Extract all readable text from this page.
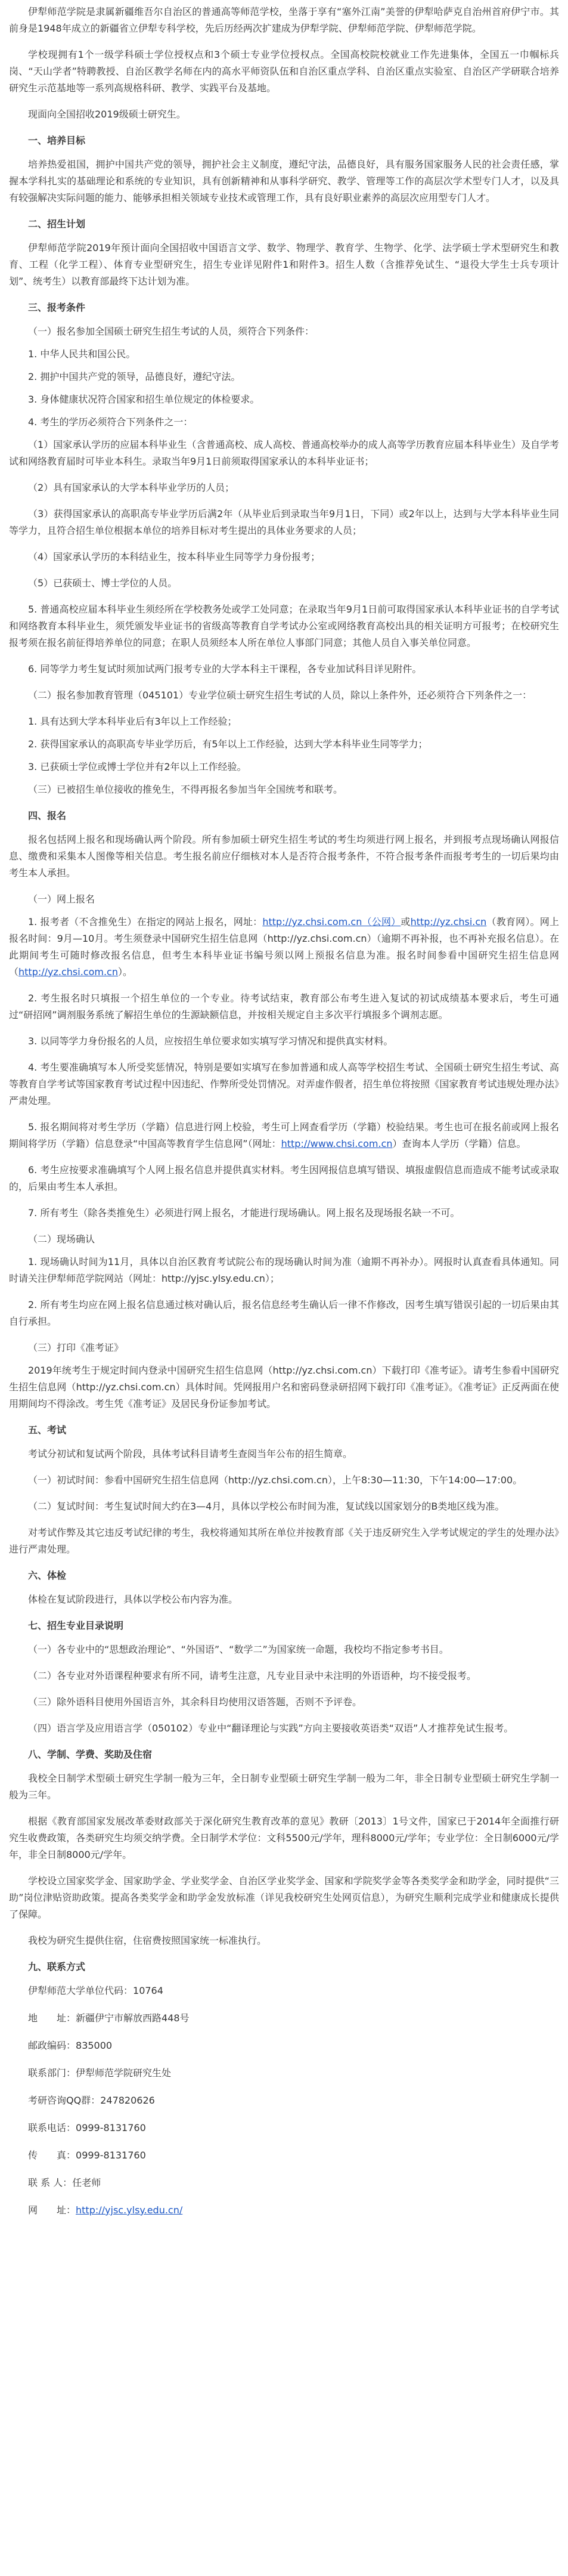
伊犁师范学院是隶属新疆维吾尔自治区的普通高等师范学校，坐落于享有“塞外江南”美誉的伊犁哈萨克自治州首府伊宁市。其前身是1948年成立的新疆省立伊犁专科学校，先后历经两次扩建成为伊犁学院、伊犁师范学院、伊犁师范学院。

学校现拥有1个一级学科硕士学位授权点和3个硕士专业学位授权点。全国高校院校就业工作先进集体，全国五一巾帼标兵岗、“天山学者”特聘教授、自治区教学名师在内的高水平师资队伍和自治区重点学科、自治区重点实验室、自治区产学研联合培养研究生示范基地等一系列高规格科研、教学、实践平台及基地。

现面向全国招收2019级硕士研究生。

一、培养目标

培养热爱祖国，拥护中国共产党的领导，拥护社会主义制度，遵纪守法，品德良好，具有服务国家服务人民的社会责任感，掌握本学科扎实的基础理论和系统的专业知识，具有创新精神和从事科学研究、教学、管理等工作的高层次学术型专门人才，以及具有较强解决实际问题的能力、能够承担相关领域专业技术或管理工作，具有良好职业素养的高层次应用型专门人才。

二、招生计划

伊犁师范学院2019年预计面向全国招收中国语言文学、数学、物理学、教育学、生物学、化学、法学硕士学术型研究生和教育、工程（化学工程）、体育专业型研究生，招生专业详见附件1和附件3。招生人数（含推荐免试生、“退役大学生士兵专项计划”、统考生）以教育部最终下达计划为准。

三、报考条件

（一）报名参加全国硕士研究生招生考试的人员，须符合下列条件：

1. 中华人民共和国公民。

2. 拥护中国共产党的领导，品德良好，遵纪守法。

3. 身体健康状况符合国家和招生单位规定的体检要求。

4. 考生的学历必须符合下列条件之一：

（1）国家承认学历的应届本科毕业生（含普通高校、成人高校、普通高校举办的成人高等学历教育应届本科毕业生）及自学考试和网络教育届时可毕业本科生。录取当年9月1日前须取得国家承认的本科毕业证书；

（2）具有国家承认的大学本科毕业学历的人员；

（3）获得国家承认的高职高专毕业学历后满2年（从毕业后到录取当年9月1日，下同）或2年以上，达到与大学本科毕业生同等学力，且符合招生单位根据本单位的培养目标对考生提出的具体业务要求的人员；

（4）国家承认学历的本科结业生，按本科毕业生同等学力身份报考；

（5）已获硕士、博士学位的人员。

5. 普通高校应届本科毕业生须经所在学校教务处或学工处同意；在录取当年9月1日前可取得国家承认本科毕业证书的自学考试和网络教育本科毕业生，须凭颁发毕业证书的省级高等教育自学考试办公室或网络教育高校出具的相关证明方可报考；在校研究生报考须在报名前征得培养单位的同意；在职人员须经本人所在单位人事部门同意；其他人员自入事关单位同意。

6. 同等学力考生复试时须加试两门报考专业的大学本科主干课程，各专业加试科目详见附件。

（二）报名参加教育管理（045101）专业学位硕士研究生招生考试的人员，除以上条件外，还必须符合下列条件之一：

1. 具有达到大学本科毕业后有3年以上工作经验；

2. 获得国家承认的高职高专毕业学历后，有5年以上工作经验，达到大学本科毕业生同等学力；

3. 已获硕士学位或博士学位并有2年以上工作经验。

（三）已被招生单位接收的推免生，不得再报名参加当年全国统考和联考。

四、报名

报名包括网上报名和现场确认两个阶段。所有参加硕士研究生招生考试的考生均须进行网上报名，并到报考点现场确认网报信息、缴费和采集本人图像等相关信息。考生报名前应仔细核对本人是否符合报考条件，不符合报考条件而报考考生的一切后果均由考生本人承担。

（一）网上报名

1. 报考者（不含推免生）在指定的网站上报名，网址：http://yz.chsi.com.cn（公网）或http://yz.chsi.cn（教育网）。网上报名时间：9月—10月。考生须登录中国研究生招生信息网（http://yz.chsi.com.cn）（逾期不再补报，也不再补充报名信息）。在此期间考生可随时修改报名信息，但考生本科毕业证书编号须以网上预报名信息为准。报名时间参看中国研究生招生信息网（http://yz.chsi.com.cn）。

2. 考生报名时只填报一个招生单位的一个专业。待考试结束，教育部公布考生进入复试的初试成绩基本要求后，考生可通过“研招网”调剂服务系统了解招生单位的生源缺额信息，并按相关规定自主多次平行填报多个调剂志愿。

3. 以同等学力身份报名的人员，应按招生单位要求如实填写学习情况和提供真实材料。

4. 考生要准确填写本人所受奖惩情况，特别是要如实填写在参加普通和成人高等学校招生考试、全国硕士研究生招生考试、高等教育自学考试等国家教育考试过程中因违纪、作弊所受处罚情况。对弄虚作假者，招生单位将按照《国家教育考试违规处理办法》严肃处理。

5. 报名期间将对考生学历（学籍）信息进行网上校验，考生可上网查看学历（学籍）校验结果。考生也可在报名前或网上报名期间将学历（学籍）信息登录“中国高等教育学生信息网”（网址：http://www.chsi.com.cn）查询本人学历（学籍）信息。

6. 考生应按要求准确填写个人网上报名信息并提供真实材料。考生因网报信息填写错误、填报虚假信息而造成不能考试或录取的，后果由考生本人承担。

7. 所有考生（除各类推免生）必须进行网上报名，才能进行现场确认。网上报名及现场报名缺一不可。

（二）现场确认

1. 现场确认时间为11月，具体以自治区教育考试院公布的现场确认时间为准（逾期不再补办）。网报时认真查看具体通知。同时请关注伊犁师范学院网站（网址：http://yjsc.ylsy.edu.cn）；

2. 所有考生均应在网上报名信息通过核对确认后，报名信息经考生确认后一律不作修改，因考生填写错误引起的一切后果由其自行承担。

（三）打印《准考证》

2019年统考生于规定时间内登录中国研究生招生信息网（http://yz.chsi.com.cn）下载打印《准考证》。请考生参看中国研究生招生信息网（http://yz.chsi.com.cn）具体时间。凭网报用户名和密码登录研招网下载打印《准考证》。《准考证》正反两面在使用期间均不得涂改。考生凭《准考证》及居民身份证参加考试。

五、考试

考试分初试和复试两个阶段，具体考试科目请考生查阅当年公布的招生简章。

（一）初试时间：参看中国研究生招生信息网（http://yz.chsi.com.cn），上午8:30—11:30，下午14:00—17:00。

（二）复试时间：考生复试时间大约在3—4月，具体以学校公布时间为准，复试线以国家划分的B类地区线为准。

对考试作弊及其它违反考试纪律的考生，我校将通知其所在单位并按教育部《关于违反研究生入学考试规定的学生的处理办法》进行严肃处理。

六、体检

体检在复试阶段进行，具体以学校公布内容为准。

七、招生专业目录说明

（一）各专业中的“思想政治理论”、“外国语”、“数学二”为国家统一命题，我校均不指定参考书目。

（二）各专业对外语课程种要求有所不同，请考生注意，凡专业目录中未注明的外语语种，均不接受报考。

（三）除外语科目使用外国语言外，其余科目均使用汉语答题，否则不予评卷。

（四）语言学及应用语言学（050102）专业中“翻译理论与实践”方向主要接收英语类“双语”人才推荐免试生报考。

八、学制、学费、奖助及住宿

我校全日制学术型硕士研究生学制一般为三年，全日制专业型硕士研究生学制一般为二年，非全日制专业型硕士研究生学制一般为三年。

根据《教育部国家发展改革委财政部关于深化研究生教育改革的意见》教研〔2013〕1号文件，国家已于2014年全面推行研究生收费政策，各类研究生均须交纳学费。全日制学术学位：文科5500元/学年，理科8000元/学年；专业学位：全日制6000元/学年，非全日制8000元/学年。

学校设立国家奖学金、国家助学金、学业奖学金、自治区学业奖学金、国家和学院奖学金等各类奖学金和助学金，同时提供“三助”岗位津贴资助政策。提高各类奖学金和助学金发放标准（详见我校研究生处网页信息），为研究生顺利完成学业和健康成长提供了保障。

我校为研究生提供住宿，住宿费按照国家统一标准执行。

九、联系方式
伊犁师范大学单位代码：10764
地　　址：新疆伊宁市解放西路448号
邮政编码：835000
联系部门：伊犁师范学院研究生处
考研咨询QQ群：247820626
联系电话：0999-8131760
传　　真：0999-8131760
联 系 人：任老师
网　　址：http://yjsc.ylsy.edu.cn/
